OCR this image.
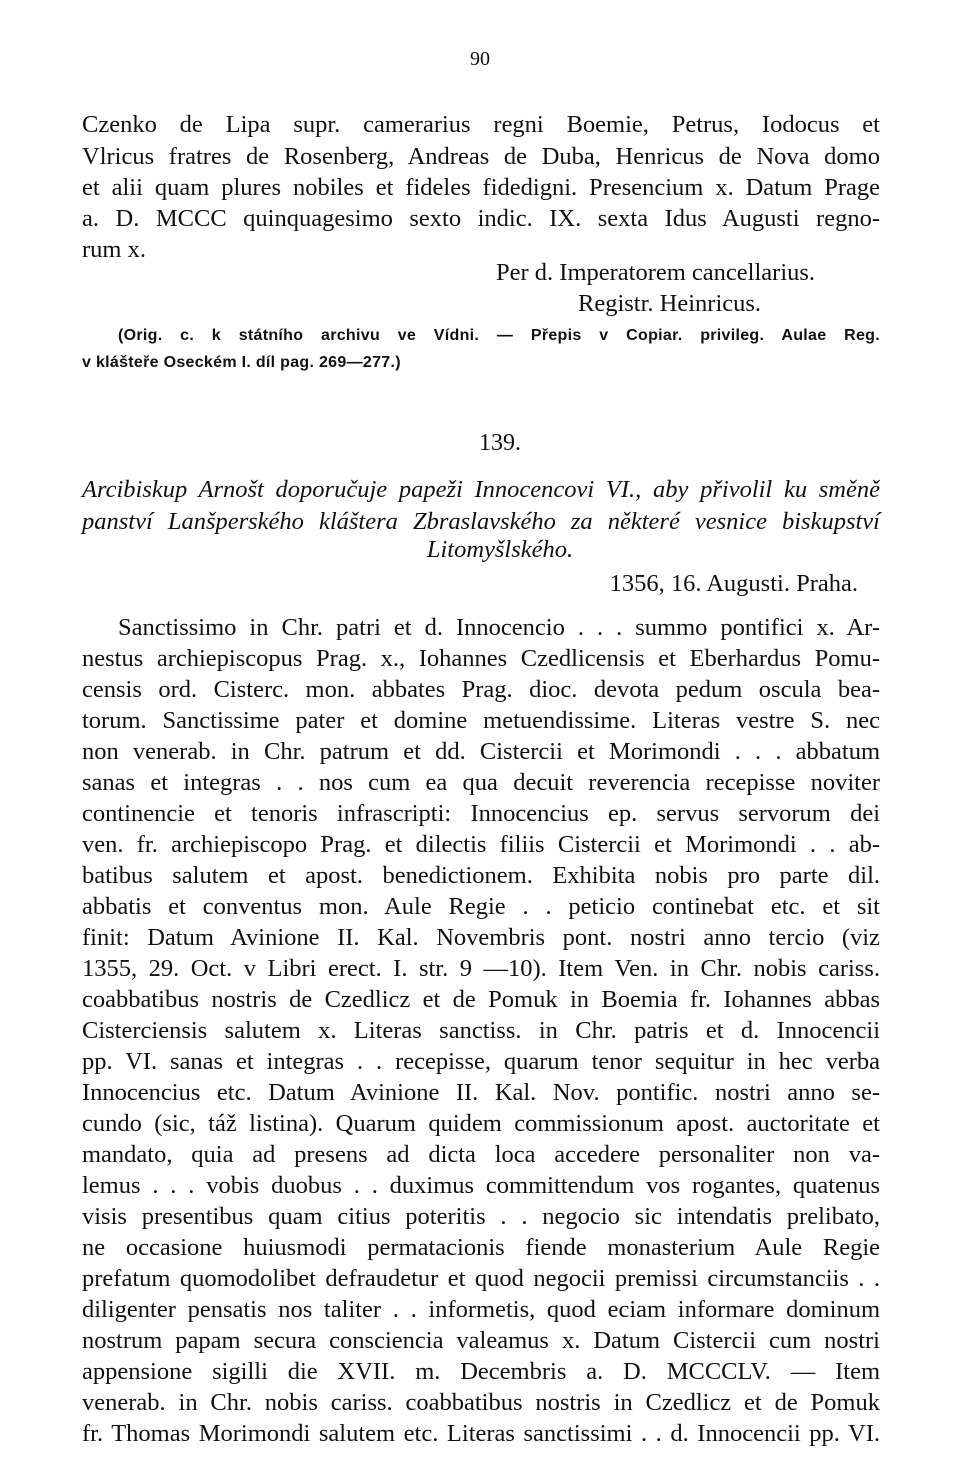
90
Czenko de Lipa supr. camerarius regni Boemie, Petrus, Iodocus et
Vlricus fratres de Rosenberg, Andreas de Duba, Henricus de Nova domo
et alii quam plures nobiles et fideles fidedigni. Presencium x. Datum Prage
a. D. MCCC quinquagesimo sexto indic. IX. sexta Idus Augusti regno-
rum x.
Per d. Imperatorem cancellarius.
Registr. Heinricus.
(Orig. c. k státního archivu ve Vídni. — Přepis v Copiar. privileg. Aulae Reg.
v klášteře Oseckém I. díl pag. 269—277.)
139.
Arcibiskup Arnošt doporučuje papeži Innocencovi VI., aby přivolil ku směně
panství Lanšperského kláštera Zbraslavského za některé vesnice biskupství
Litomyšlského.
1356, 16. Augusti. Praha.
Sanctissimo in Chr. patri et d. Innocencio . . . summo pontifici x. Ar-
nestus archiepiscopus Prag. x., Iohannes Czedlicensis et Eberhardus Pomu-
censis ord. Cisterc. mon. abbates Prag. dioc. devota pedum oscula bea-
torum. Sanctissime pater et domine metuendissime. Literas vestre S. nec
non venerab. in Chr. patrum et dd. Cistercii et Morimondi . . . abbatum
sanas et integras . . nos cum ea qua decuit reverencia recepisse noviter
continencie et tenoris infrascripti: Innocencius ep. servus servorum dei
ven. fr. archiepiscopo Prag. et dilectis filiis Cistercii et Morimondi . . ab-
batibus salutem et apost. benedictionem. Exhibita nobis pro parte dil.
abbatis et conventus mon. Aule Regie . . peticio continebat etc. et sit
finit: Datum Avinione II. Kal. Novembris pont. nostri anno tercio (viz
1355, 29. Oct. v Libri erect. I. str. 9 —10). Item Ven. in Chr. nobis cariss.
coabbatibus nostris de Czedlicz et de Pomuk in Boemia fr. Iohannes abbas
Cisterciensis salutem x. Literas sanctiss. in Chr. patris et d. Innocencii
pp. VI. sanas et integras . . recepisse, quarum tenor sequitur in hec verba
Innocencius etc. Datum Avinione II. Kal. Nov. pontific. nostri anno se-
cundo (sic, táž listina). Quarum quidem commissionum apost. auctoritate et
mandato, quia ad presens ad dicta loca accedere personaliter non va-
lemus . . . vobis duobus . . duximus committendum vos rogantes, quatenus
visis presentibus quam citius poteritis . . negocio sic intendatis prelibato,
ne occasione huiusmodi permatacionis fiende monasterium Aule Regie
prefatum quomodolibet defraudetur et quod negocii premissi circumstanciis . .
diligenter pensatis nos taliter . . informetis, quod eciam informare dominum
nostrum papam secura consciencia valeamus x. Datum Cistercii cum nostri
appensione sigilli die XVII. m. Decembris a. D. MCCCLV. — Item
venerab. in Chr. nobis cariss. coabbatibus nostris in Czedlicz et de Pomuk
fr. Thomas Morimondi salutem etc. Literas sanctissimi . . d. Innocencii pp. VI.
